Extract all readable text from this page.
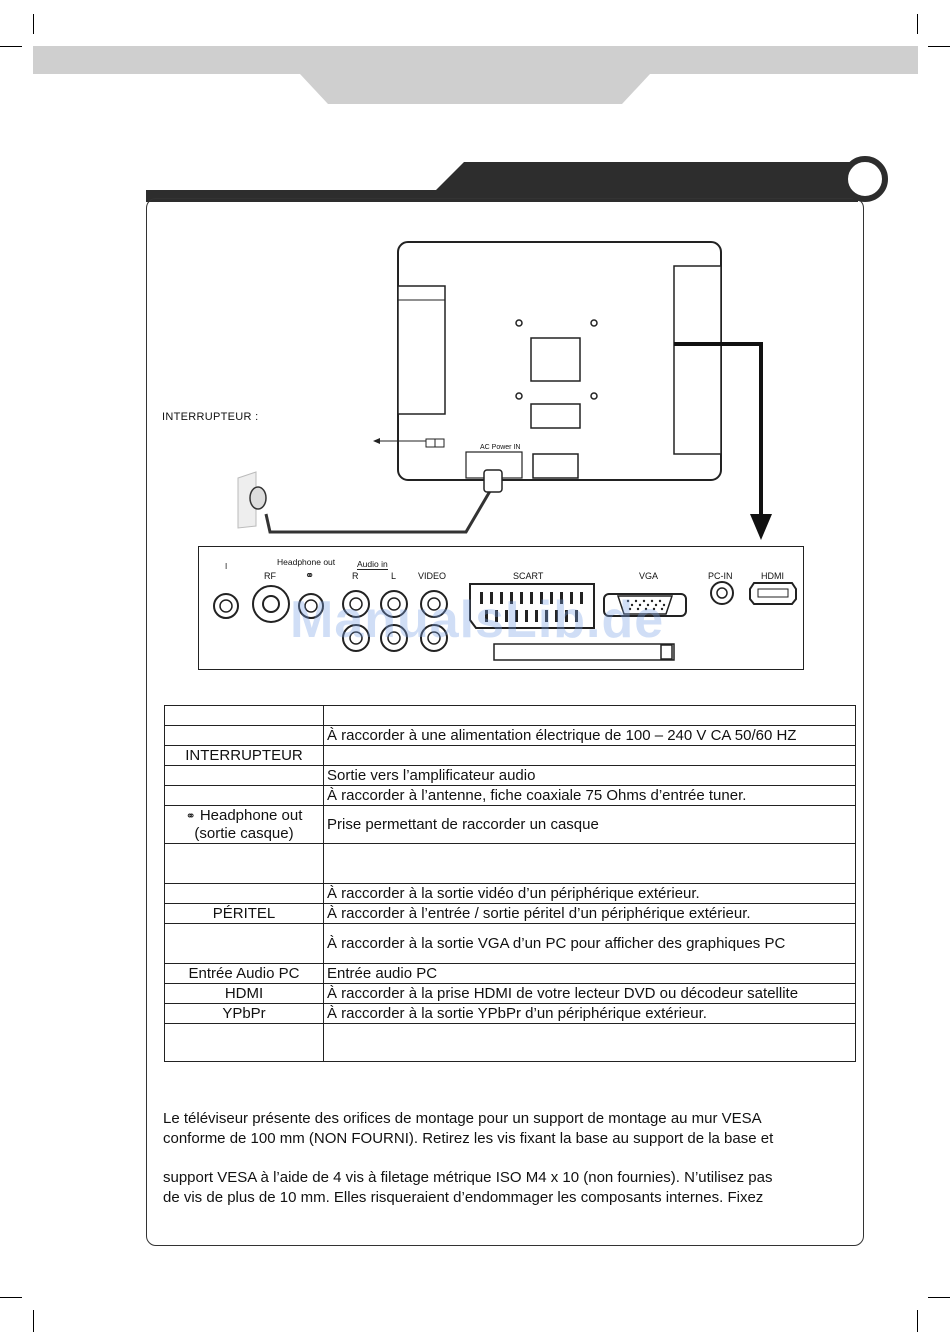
INTERRUPTEUR :
AC Power IN
Headphone out	Audio in
I
RF	⚭	R	L VIDEO	SCART	VGA	PC-IN	HDMI
ManualsLib.de

	À raccorder à une alimentation électrique de 100 – 240 V CA 50/60 HZ
INTERRUPTEUR	
	Sortie vers l’amplificateur audio
	À raccorder à l’antenne, fiche coaxiale 75 Ohms d’entrée tuner.
⚭ Headphone out
(sortie casque)	Prise permettant de raccorder un casque

	À raccorder à la sortie vidéo d’un périphérique extérieur.
PÉRITEL	À raccorder à l’entrée / sortie péritel d’un périphérique extérieur.
	À raccorder à la sortie VGA d’un PC pour afficher des graphiques PC
Entrée Audio PC	Entrée audio PC
HDMI	À raccorder à la prise HDMI de votre lecteur DVD ou décodeur satellite
YPbPr	À raccorder à la sortie YPbPr d’un périphérique extérieur.

Le téléviseur présente des orifices de montage pour un support de montage au mur VESA
conforme de 100 mm (NON FOURNI). Retirez les vis fixant la base au support de la base et
support VESA à l’aide de 4 vis à filetage métrique ISO M4 x 10 (non fournies). N’utilisez pas
de vis de plus de 10 mm. Elles risqueraient d’endommager les composants internes. Fixez
